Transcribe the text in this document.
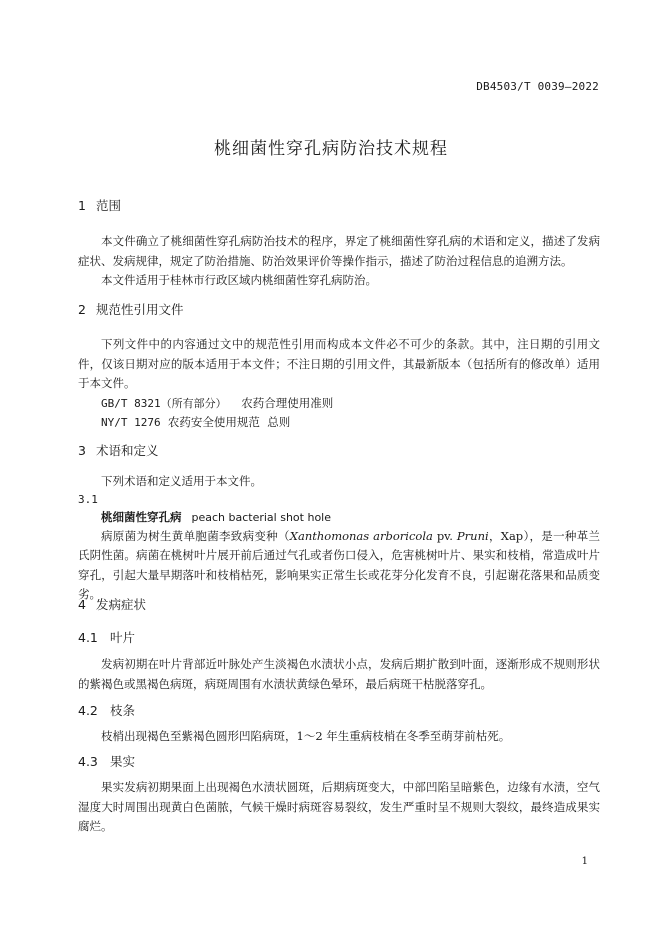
DB4503/T 0039—2022
桃细菌性穿孔病防治技术规程
1 范围

本文件确立了桃细菌性穿孔病防治技术的程序，界定了桃细菌性穿孔病的术语和定义，描述了发病症状、发病规律，规定了防治措施、防治效果评价等操作指示，描述了防治过程信息的追溯方法。

本文件适用于桂林市行政区域内桃细菌性穿孔病防治。

2 规范性引用文件

下列文件中的内容通过文中的规范性引用而构成本文件必不可少的条款。其中，注日期的引用文件，仅该日期对应的版本适用于本文件；不注日期的引用文件，其最新版本（包括所有的修改单）适用于本文件。

GB/T 8321（所有部分） 农药合理使用准则
NY/T 1276 农药安全使用规范  总则
3 术语和定义

下列术语和定义适用于本文件。

3.1
桃细菌性穿孔病 peach bacterial shot hole

病原菌为树生黄单胞菌李致病变种（Xanthomonas arboricola pv. Pruni，Xap），是一种革兰氏阴性菌。病菌在桃树叶片展开前后通过气孔或者伤口侵入，危害桃树叶片、果实和枝梢，常造成叶片穿孔，引起大量早期落叶和枝梢枯死，影响果实正常生长或花芽分化发育不良，引起谢花落果和品质变劣。

4 发病症状
4.1 叶片

发病初期在叶片背部近叶脉处产生淡褐色水渍状小点，发病后期扩散到叶面，逐渐形成不规则形状的紫褐色或黑褐色病斑，病斑周围有水渍状黄绿色晕环，最后病斑干枯脱落穿孔。

4.2 枝条

枝梢出现褐色至紫褐色圆形凹陷病斑，1～2 年生重病枝梢在冬季至萌芽前枯死。

4.3 果实

果实发病初期果面上出现褐色水渍状圆斑，后期病斑变大，中部凹陷呈暗紫色，边缘有水渍，空气湿度大时周围出现黄白色菌脓，气候干燥时病斑容易裂纹，发生严重时呈不规则大裂纹，最终造成果实腐烂。

1
